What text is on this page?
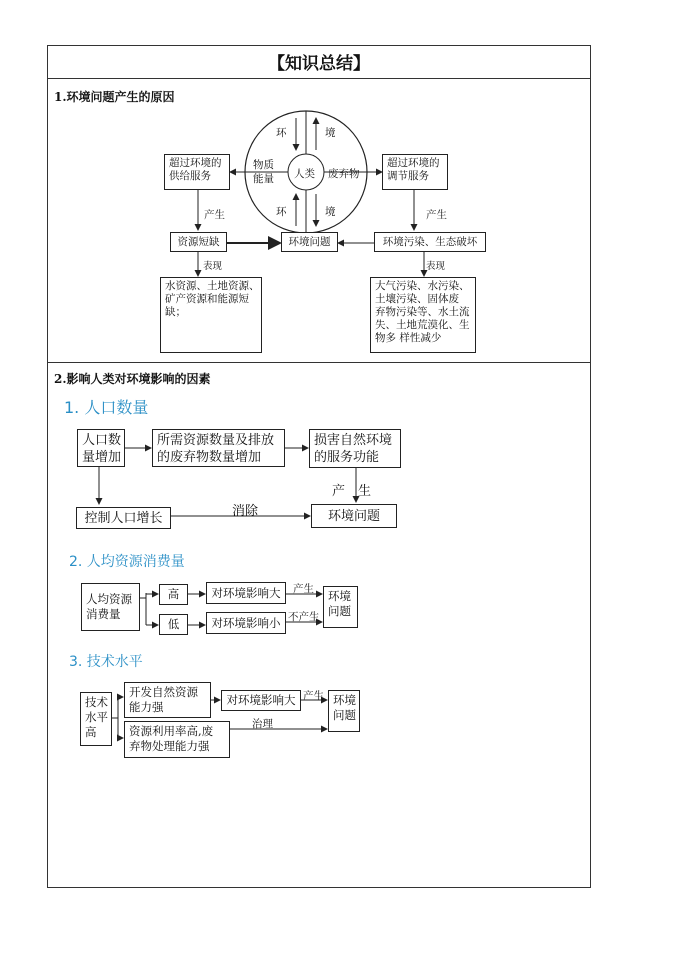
【知识总结】
1.环境问题产生的原因
环	境
环	境
物质
能量 人类 废弃物
超过环境的
供给服务
超过环境的
调节服务
产生	产生
资源短缺	环境问题	环境污染、生态破坏
表现	表现
水资源、土地资源、
矿产资源和能源短
缺；
大气污染、水污染、
土壤污染、固体废
弃物污染等、水土流
失、土地荒漠化、生
物多 样性减少
2.影响人类对环境影响的因素
1. 人口数量
人口数
量增加
所需资源数量及排放
的废弃物数量增加
损害自然环境
的服务功能
产　生
控制人口增长	消除	环境问题
2. 人均资源消费量
人均资源
消费量
高
低
对环境影响大
对环境影响小
产生
不产生
环境
问题
3. 技术水平
技术
水平
高
开发自然资源
能力强
资源利用率高,废
弃物处理能力强
对环境影响大 产生
治理
环境
问题
